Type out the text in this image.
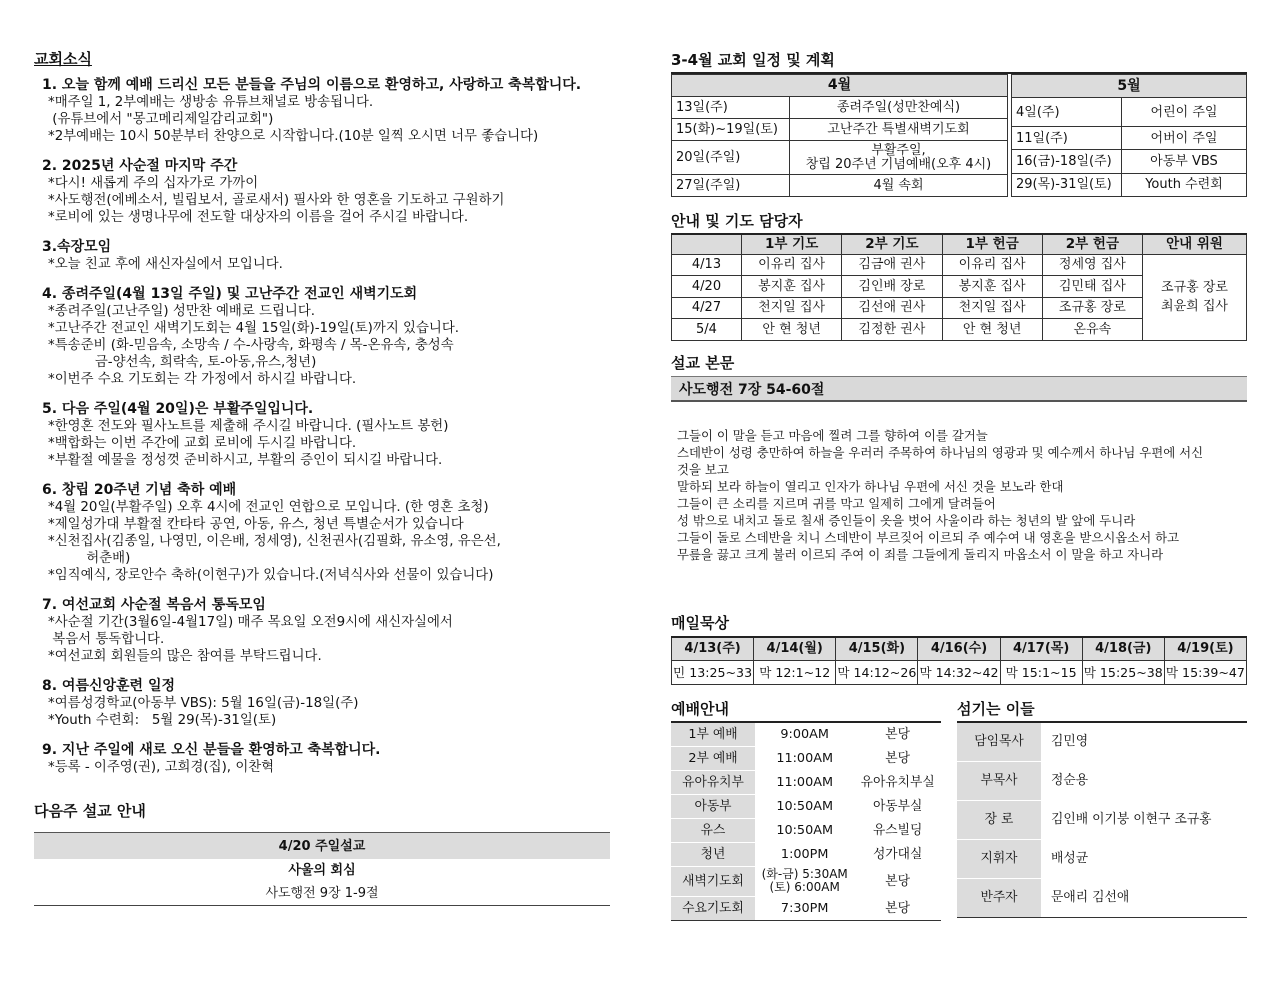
교회소식
1. 오늘 함께 예배 드리신 모든 분들을 주님의 이름으로 환영하고, 사랑하고 축복합니다.
*매주일 1, 2부예배는 생방송 유튜브채널로 방송됩니다.
(유튜브에서 "몽고메리제일감리교회")
*2부예배는 10시 50분부터 찬양으로 시작합니다.(10분 일찍 오시면 너무 좋습니다)
2. 2025년 사순절 마지막 주간
*다시! 새롭게 주의 십자가로 가까이
*사도행전(에베소서, 빌립보서, 골로새서) 필사와 한 영혼을 기도하고 구원하기
*로비에 있는 생명나무에 전도할 대상자의 이름을 걸어 주시길 바랍니다.
3.속장모임
*오늘 친교 후에 새신자실에서 모입니다.
4. 종려주일(4월 13일 주일) 및 고난주간 전교인 새벽기도회
*종려주일(고난주일) 성만찬 예배로 드립니다.
*고난주간 전교인 새벽기도회는 4월 15일(화)-19일(토)까지 있습니다.
*특송준비 (화-믿음속, 소망속 / 수-사랑속, 화평속 / 목-온유속, 충성속
금-양선속, 희락속, 토-아동,유스,청년)
*이번주 수요 기도회는 각 가정에서 하시길 바랍니다.
5. 다음 주일(4월 20일)은 부활주일입니다.
*한영혼 전도와 필사노트를 제출해 주시길 바랍니다. (필사노트 봉헌)
*백합화는 이번 주간에 교회 로비에 두시길 바랍니다.
*부활절 예물을 정성껏 준비하시고, 부활의 증인이 되시길 바랍니다.
6. 창립 20주년 기념 축하 예배
*4월 20일(부활주일) 오후 4시에 전교인 연합으로 모입니다. (한 영혼 초청)
*제일성가대 부활절 칸타타 공연, 아동, 유스, 청년 특별순서가 있습니다
*신천집사(김종일, 나영민, 이은배, 정세영), 신천권사(김필화, 유소영, 유은선,
허춘배)
*임직예식, 장로안수 축하(이현구)가 있습니다.(저녁식사와 선물이 있습니다)
7. 여선교회 사순절 복음서 통독모임
*사순절 기간(3월6일-4월17일) 매주 목요일 오전9시에 새신자실에서
복음서 통독합니다.
*여선교회 회원들의 많은 참여를 부탁드립니다.
8. 여름신앙훈련 일정
*여름성경학교(아동부 VBS): 5월 16일(금)-18일(주)
*Youth 수련회:   5월 29(목)-31일(토)
9. 지난 주일에 새로 오신 분들을 환영하고 축복합니다.
*등록 - 이주영(권), 고희경(집), 이찬혁
다음주 설교 안내
4/20 주일설교
사울의 회심
사도행전 9장 1-9절
3-4월 교회 일정 및 계획
4월	
13일(주)	종려주일(성만찬예식)
15(화)~19일(토)	고난주간 특별새벽기도회
20일(주일)	부활주일,
창립 20주년 기념예배(오후 4시)

27일(주일)	4월 속회
5월	
4일(주)	어린이 주일
11일(주)	어버이 주일
16(금)-18일(주)	아동부 VBS
29(목)-31일(토)	Youth 수련회
안내 및 기도 담당자
	1부 기도	2부 기도	1부 헌금	2부 헌금	안내 위원
4/13	이유리 집사	김금애 권사	이유리 집사	정세영 집사	조규홍 장로
최윤희 집사

4/20	봉지훈 집사	김인배 장로	봉지훈 집사	김민태 집사	
4/27	천지일 집사	김선애 권사	천지일 집사	조규홍 장로	
5/4	안 현 청년	김정한 권사	안 현 청년	온유속	
설교 본문
사도행전 7장 54-60절
그들이 이 말을 듣고 마음에 찔려 그를 향하여 이를 갈거늘
스데반이 성령 충만하여 하늘을 우러러 주목하여 하나님의 영광과 및 예수께서 하나님 우편에 서신
것을 보고
말하되 보라 하늘이 열리고 인자가 하나님 우편에 서신 것을 보노라 한대
그들이 큰 소리를 지르며 귀를 막고 일제히 그에게 달려들어
성 밖으로 내치고 돌로 칠새 증인들이 옷을 벗어 사울이라 하는 청년의 발 앞에 두니라
그들이 돌로 스데반을 치니 스데반이 부르짖어 이르되 주 예수여 내 영혼을 받으시옵소서 하고
무릎을 끓고 크게 불러 이르되 주여 이 죄를 그들에게 돌리지 마옵소서 이 말을 하고 자니라
매일묵상
4/13(주)	4/14(월)	4/15(화)	4/16(수)	4/17(목)	4/18(금)	4/19(토)
민 13:25~33	막 12:1~12	막 14:12~26	막 14:32~42	막 15:1~15	막 15:25~38	막 15:39~47
예배안내
1부 예배	9:00AM	본당
2부 예배	11:00AM	본당
유아유치부	11:00AM	유아유치부실
아동부	10:50AM	아동부실
유스	10:50AM	유스빌딩
청년	1:00PM	성가대실
새벽기도회	(화-금) 5:30AM
(토) 6:00AM	본당
수요기도회	7:30PM	본당
섬기는 이들
담임목사	김민영
부목사	정순용
장 로	김인배 이기붕 이현구 조규홍
지휘자	배성균
반주자	문애리 김선애
